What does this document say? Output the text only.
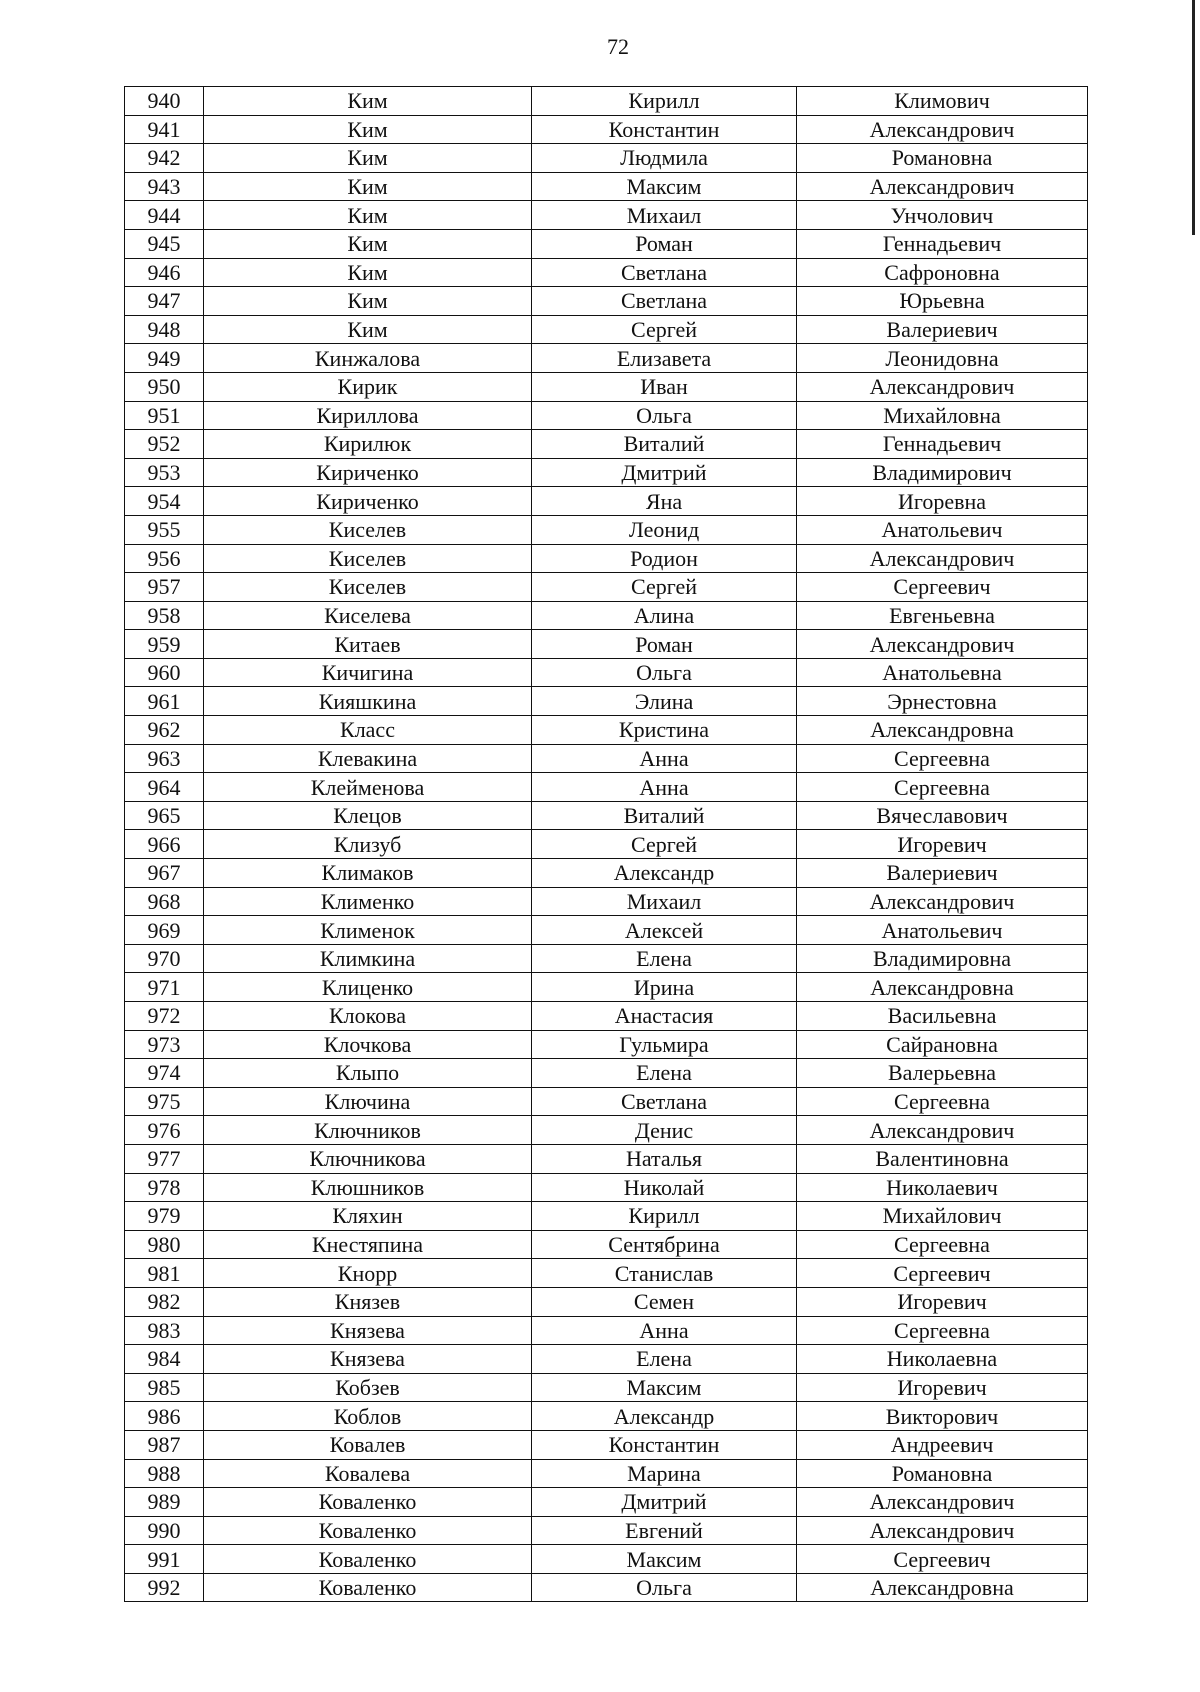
72
940	Ким	Кирилл	Климович
941	Ким	Константин	Александрович
942	Ким	Людмила	Романовна
943	Ким	Максим	Александрович
944	Ким	Михаил	Унчолович
945	Ким	Роман	Геннадьевич
946	Ким	Светлана	Сафроновна
947	Ким	Светлана	Юрьевна
948	Ким	Сергей	Валериевич
949	Кинжалова	Елизавета	Леонидовна
950	Кирик	Иван	Александрович
951	Кириллова	Ольга	Михайловна
952	Кирилюк	Виталий	Геннадьевич
953	Кириченко	Дмитрий	Владимирович
954	Кириченко	Яна	Игоревна
955	Киселев	Леонид	Анатольевич
956	Киселев	Родион	Александрович
957	Киселев	Сергей	Сергеевич
958	Киселева	Алина	Евгеньевна
959	Китаев	Роман	Александрович
960	Кичигина	Ольга	Анатольевна
961	Кияшкина	Элина	Эрнестовна
962	Класс	Кристина	Александровна
963	Клевакина	Анна	Сергеевна
964	Клейменова	Анна	Сергеевна
965	Клецов	Виталий	Вячеславович
966	Клизуб	Сергей	Игоревич
967	Климаков	Александр	Валериевич
968	Клименко	Михаил	Александрович
969	Клименок	Алексей	Анатольевич
970	Климкина	Елена	Владимировна
971	Клиценко	Ирина	Александровна
972	Клокова	Анастасия	Васильевна
973	Клочкова	Гульмира	Сайрановна
974	Клыпо	Елена	Валерьевна
975	Ключина	Светлана	Сергеевна
976	Ключников	Денис	Александрович
977	Ключникова	Наталья	Валентиновна
978	Клюшников	Николай	Николаевич
979	Кляхин	Кирилл	Михайлович
980	Кнестяпина	Сентябрина	Сергеевна
981	Кнорр	Станислав	Сергеевич
982	Князев	Семен	Игоревич
983	Князева	Анна	Сергеевна
984	Князева	Елена	Николаевна
985	Кобзев	Максим	Игоревич
986	Коблов	Александр	Викторович
987	Ковалев	Константин	Андреевич
988	Ковалева	Марина	Романовна
989	Коваленко	Дмитрий	Александрович
990	Коваленко	Евгений	Александрович
991	Коваленко	Максим	Сергеевич
992	Коваленко	Ольга	Александровна
